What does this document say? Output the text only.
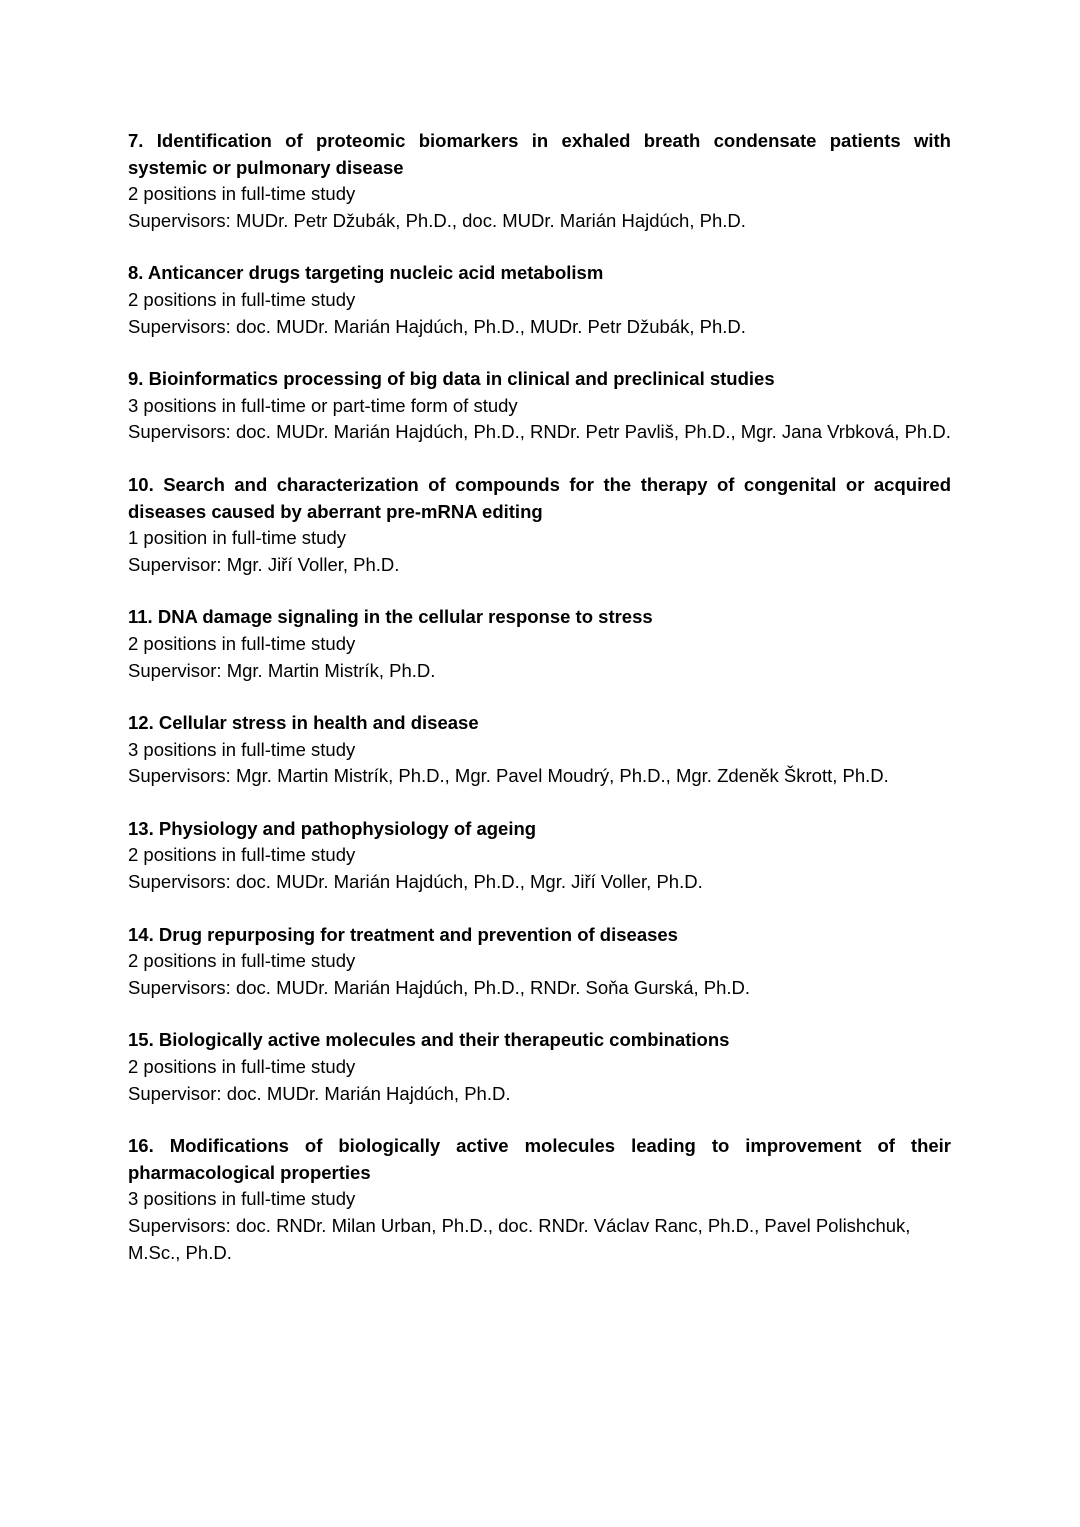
7. Identification of proteomic biomarkers in exhaled breath condensate patients with systemic or pulmonary disease

2 positions in full-time study

Supervisors: MUDr. Petr Džubák, Ph.D., doc. MUDr. Marián Hajdúch, Ph.D.

8. Anticancer drugs targeting nucleic acid metabolism

2 positions in full-time study

Supervisors: doc. MUDr. Marián Hajdúch, Ph.D., MUDr. Petr Džubák, Ph.D.

9. Bioinformatics processing of big data in clinical and preclinical studies

3 positions in full-time or part-time form of study

Supervisors: doc. MUDr. Marián Hajdúch, Ph.D., RNDr. Petr Pavliš, Ph.D., Mgr. Jana Vrbková, Ph.D.

10. Search and characterization of compounds for the therapy of congenital or acquired diseases caused by aberrant pre-mRNA editing

1 position in full-time study

Supervisor: Mgr. Jiří Voller, Ph.D.

11. DNA damage signaling in the cellular response to stress

2 positions in full-time study

Supervisor: Mgr. Martin Mistrík, Ph.D.

12. Cellular stress in health and disease

3 positions in full-time study

Supervisors: Mgr. Martin Mistrík, Ph.D., Mgr. Pavel Moudrý, Ph.D., Mgr. Zdeněk Škrott, Ph.D.

13. Physiology and pathophysiology of ageing

2 positions in full-time study

Supervisors: doc. MUDr. Marián Hajdúch, Ph.D., Mgr. Jiří Voller, Ph.D.

14. Drug repurposing for treatment and prevention of diseases

2 positions in full-time study

Supervisors: doc. MUDr. Marián Hajdúch, Ph.D., RNDr. Soňa Gurská, Ph.D.

15. Biologically active molecules and their therapeutic combinations

2 positions in full-time study

Supervisor: doc. MUDr. Marián Hajdúch, Ph.D.

16. Modifications of biologically active molecules leading to improvement of their pharmacological properties

3 positions in full-time study

Supervisors: doc. RNDr. Milan Urban, Ph.D., doc. RNDr. Václav Ranc, Ph.D., Pavel Polishchuk, M.Sc., Ph.D.
